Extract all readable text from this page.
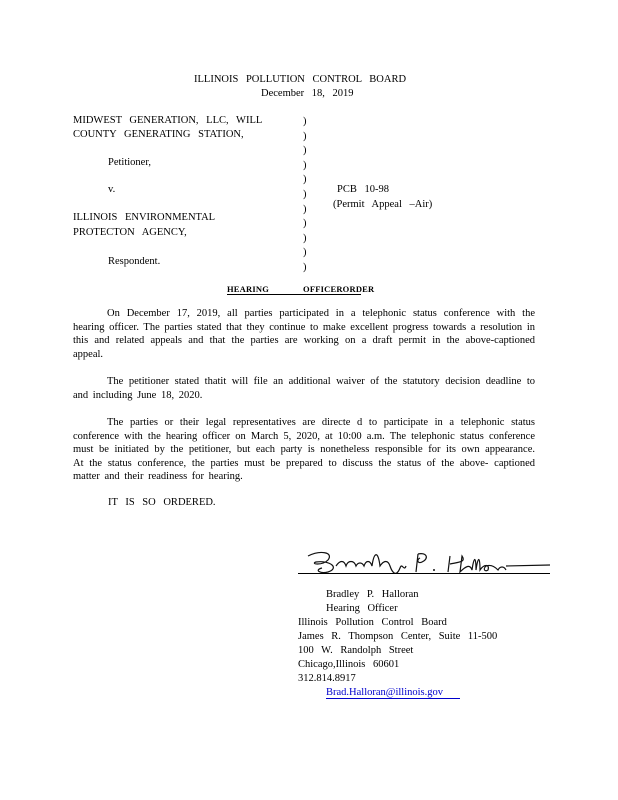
ILLINOIS POLLUTION CONTROL BOARD
December 18, 2019
MIDWEST GENERATION, LLC, WILL
COUNTY GENERATING STATION,
Petitioner,
v.
ILLINOIS ENVIRONMENTAL
PROTECTON AGENCY,
Respondent.
)
)
)
)
)
)
)
)
)
)
)
PCB 10-98
(Permit Appeal –Air)
HEARING	OFFICERORDER
On December 17, 2019, all parties participated in a telephonic status conference with the hearing officer. The parties stated that they continue to make excellent progress towards a resolution in this and related appeals and that the parties are working on a draft permit in the above-captioned appeal.
The petitioner stated thatit will file an additional waiver of the statutory decision deadline to and including June 18, 2020.
The parties or their legal representatives are directe d to participate in a telephonic status conference with the hearing officer on March 5, 2020, at 10:00 a.m. The telephonic status conference must be initiated by the petitioner, but each party is nonetheless responsible for its own appearance. At the status conference, the parties must be prepared to discuss the status of the above- captioned matter and their readiness for hearing.
IT IS SO ORDERED.
Bradley P. Halloran
Hearing Officer
Illinois Pollution Control Board
James R. Thompson Center, Suite 11-500
100 W. Randolph Street
Chicago,Illinois 60601
312.814.8917
Brad.Halloran@illinois.gov
